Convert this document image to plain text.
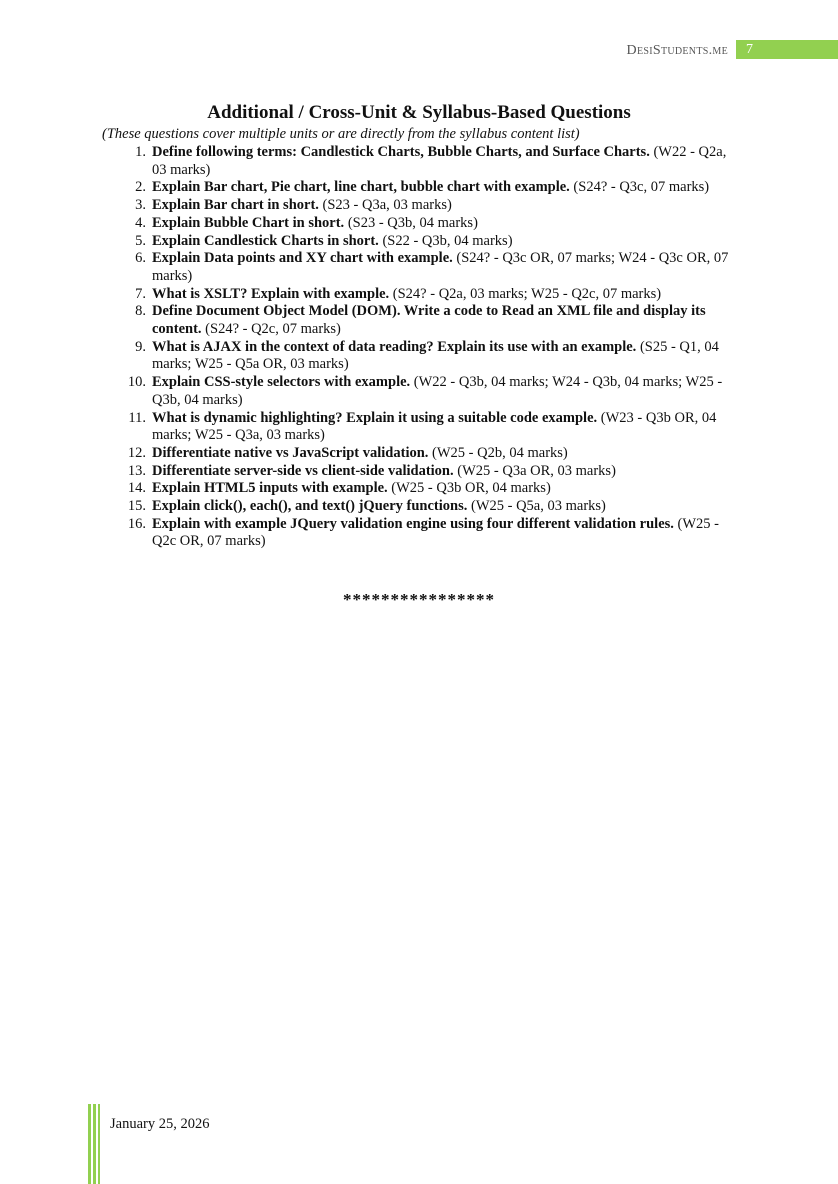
DesiStudents.me	7
Additional / Cross-Unit & Syllabus-Based Questions

(These questions cover multiple units or are directly from the syllabus content list)

1. Define following terms: Candlestick Charts, Bubble Charts, and Surface Charts. (W22 - Q2a, 03 marks)
2. Explain Bar chart, Pie chart, line chart, bubble chart with example. (S24? - Q3c, 07 marks)
3. Explain Bar chart in short. (S23 - Q3a, 03 marks)
4. Explain Bubble Chart in short. (S23 - Q3b, 04 marks)
5. Explain Candlestick Charts in short. (S22 - Q3b, 04 marks)
6. Explain Data points and XY chart with example. (S24? - Q3c OR, 07 marks; W24 - Q3c OR, 07 marks)
7. What is XSLT? Explain with example. (S24? - Q2a, 03 marks; W25 - Q2c, 07 marks)
8. Define Document Object Model (DOM). Write a code to Read an XML file and display its content. (S24? - Q2c, 07 marks)
9. What is AJAX in the context of data reading? Explain its use with an example. (S25 - Q1, 04 marks; W25 - Q5a OR, 03 marks)
10. Explain CSS-style selectors with example. (W22 - Q3b, 04 marks; W24 - Q3b, 04 marks; W25 - Q3b, 04 marks)
11. What is dynamic highlighting? Explain it using a suitable code example. (W23 - Q3b OR, 04 marks; W25 - Q3a, 03 marks)
12. Differentiate native vs JavaScript validation. (W25 - Q2b, 04 marks)
13. Differentiate server-side vs client-side validation. (W25 - Q3a OR, 03 marks)
14. Explain HTML5 inputs with example. (W25 - Q3b OR, 04 marks)
15. Explain click(), each(), and text() jQuery functions. (W25 - Q5a, 03 marks)
16. Explain with example JQuery validation engine using four different validation rules. (W25 - Q2c OR, 07 marks)
****************
January 25, 2026
